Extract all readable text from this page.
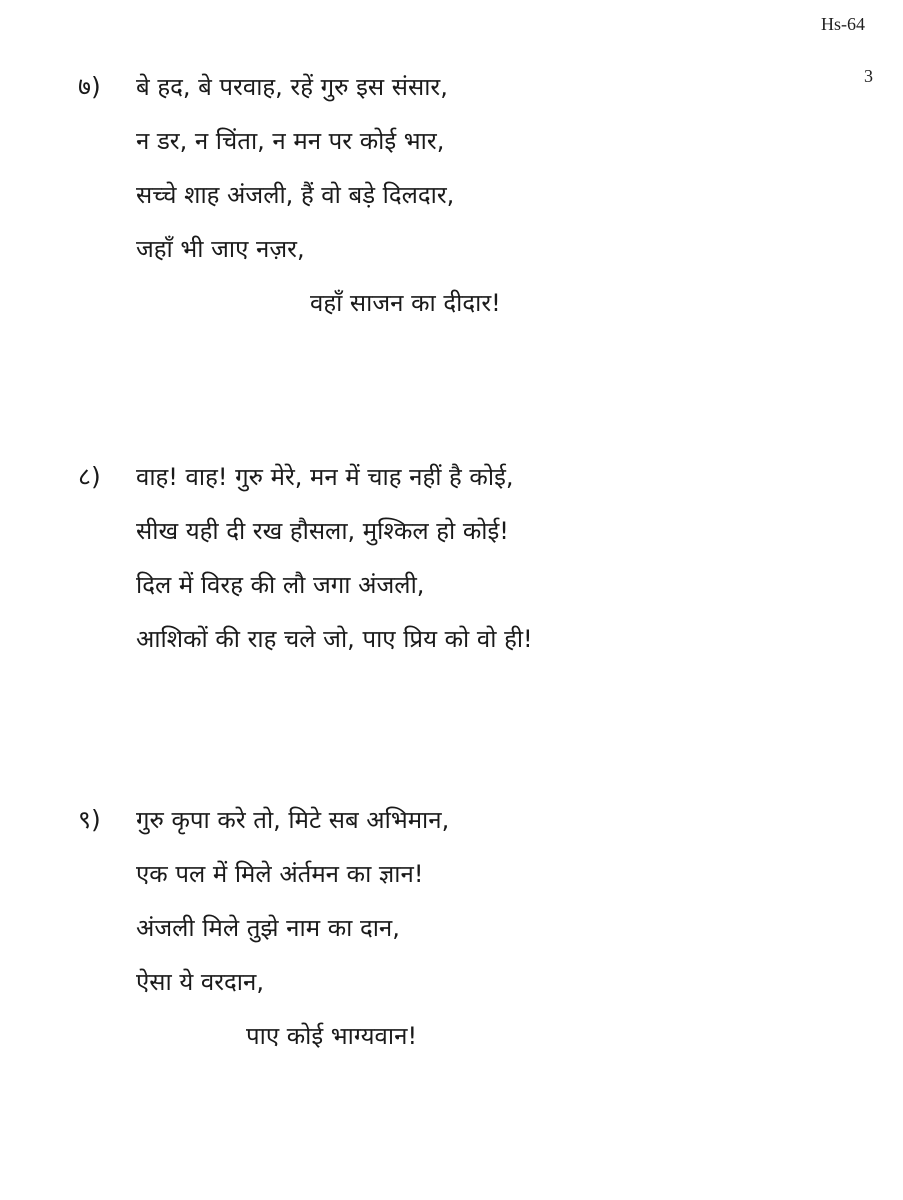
Hs-64
3
७) बे हद, बे परवाह, रहें गुरु इस संसार,
न डर, न चिंता, न मन पर कोई भार,
सच्चे शाह अंजली, हैं वो बड़े दिलदार,
जहाँ भी जाए नज़र,
वहाँ साजन का दीदार!
८) वाह! वाह! गुरु मेरे, मन में चाह नहीं है कोई,
सीख यही दी रख हौसला, मुश्किल हो कोई!
दिल में विरह की लौ जगा अंजली,
आशिकों की राह चले जो, पाए प्रिय को वो ही!
९) गुरु कृपा करे तो, मिटे सब अभिमान,
एक पल में मिले अंर्तमन का ज्ञान!
अंजली मिले तुझे नाम का दान,
ऐसा ये वरदान,
पाए कोई भाग्यवान!
